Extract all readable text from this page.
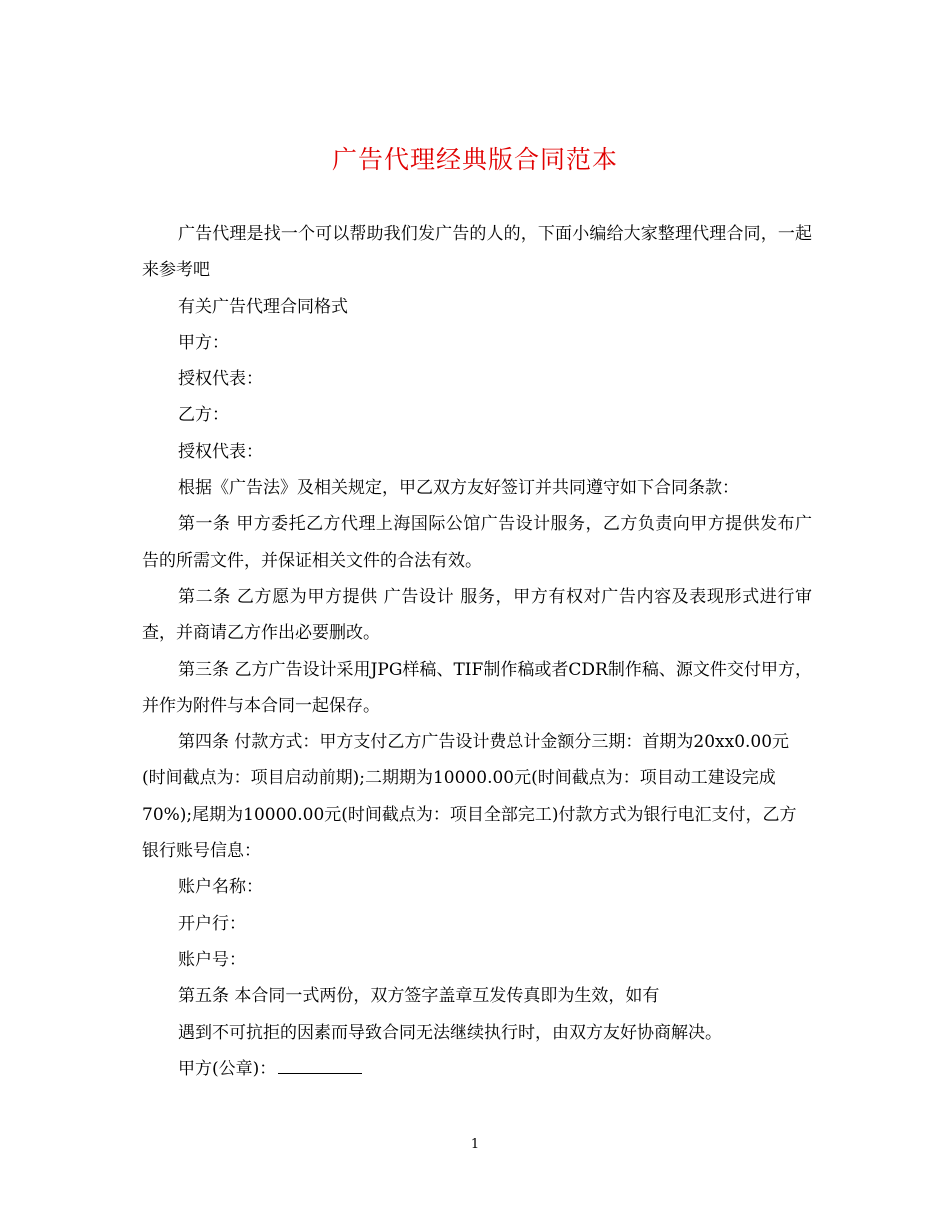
广告代理经典版合同范本

广告代理是找一个可以帮助我们发广告的人的，下面小编给大家整理代理合同，一起来参考吧

有关广告代理合同格式

甲方：

授权代表：

乙方：

授权代表：

根据《广告法》及相关规定，甲乙双方友好签订并共同遵守如下合同条款：

第一条 甲方委托乙方代理上海国际公馆广告设计服务，乙方负责向甲方提供发布广告的所需文件，并保证相关文件的合法有效。

第二条 乙方愿为甲方提供 广告设计 服务，甲方有权对广告内容及表现形式进行审查，并商请乙方作出必要删改。

第三条 乙方广告设计采用JPG样稿、TIF制作稿或者CDR制作稿、源文件交付甲方，并作为附件与本合同一起保存。

第四条 付款方式：甲方支付乙方广告设计费总计金额分三期：首期为20xx0.00元(时间截点为：项目启动前期);二期期为10000.00元(时间截点为：项目动工建设完成70%);尾期为10000.00元(时间截点为：项目全部完工)付款方式为银行电汇支付，乙方银行账号信息：

账户名称：

开户行：

账户号：

第五条 本合同一式两份，双方签字盖章互发传真即为生效，如有

遇到不可抗拒的因素而导致合同无法继续执行时，由双方友好协商解决。

甲方(公章)：

1
